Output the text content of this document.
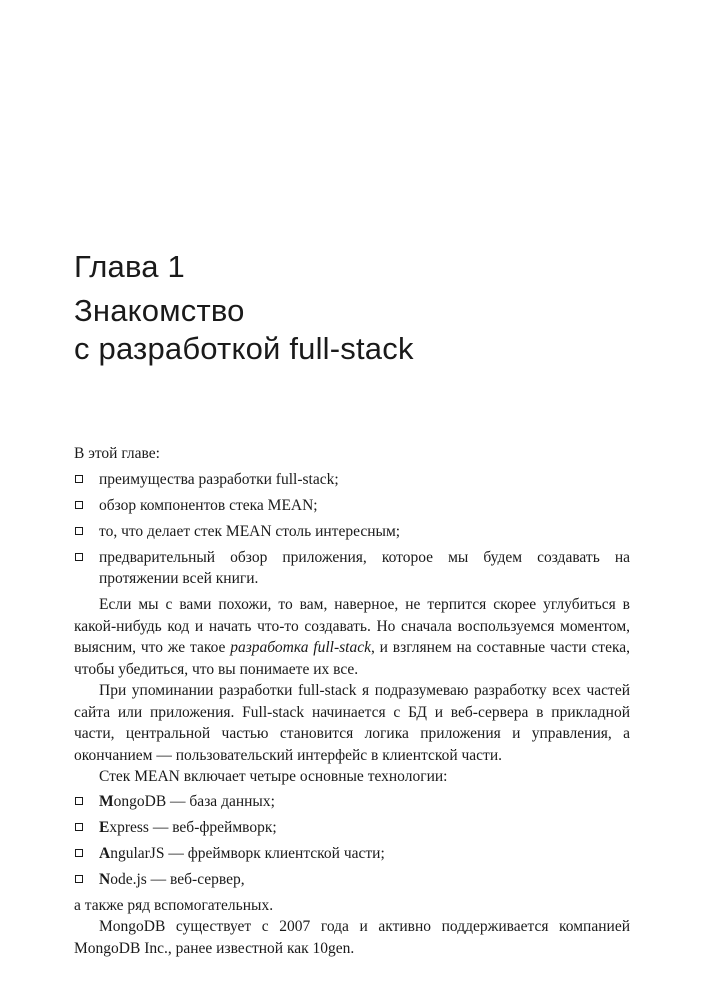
Глава 1
Знакомство
с разработкой full-stack

В этой главе:

преимущества разработки full-stack;
обзор компонентов стека MEAN;
то, что делает стек MEAN столь интересным;
предварительный обзор приложения, которое мы будем создавать на протяжении всей книги.

Если мы с вами похожи, то вам, наверное, не терпится скорее углубиться в какой-нибудь код и начать что-то создавать. Но сначала воспользуемся моментом, выясним, что же такое разработка full-stack, и взглянем на составные части стека, чтобы убедиться, что вы понимаете их все.

При упоминании разработки full-stack я подразумеваю разработку всех частей сайта или приложения. Full-stack начинается с БД и веб-сервера в прикладной части, центральной частью становится логика приложения и управления, а окончанием — пользовательский интерфейс в клиентской части.

Стек MEAN включает четыре основные технологии:

MongoDB — база данных;
Express — веб-фреймворк;
AngularJS — фреймворк клиентской части;
Node.js — веб-сервер,

а также ряд вспомогательных.

MongoDB существует с 2007 года и активно поддерживается компанией MongoDB Inc., ранее известной как 10gen.
